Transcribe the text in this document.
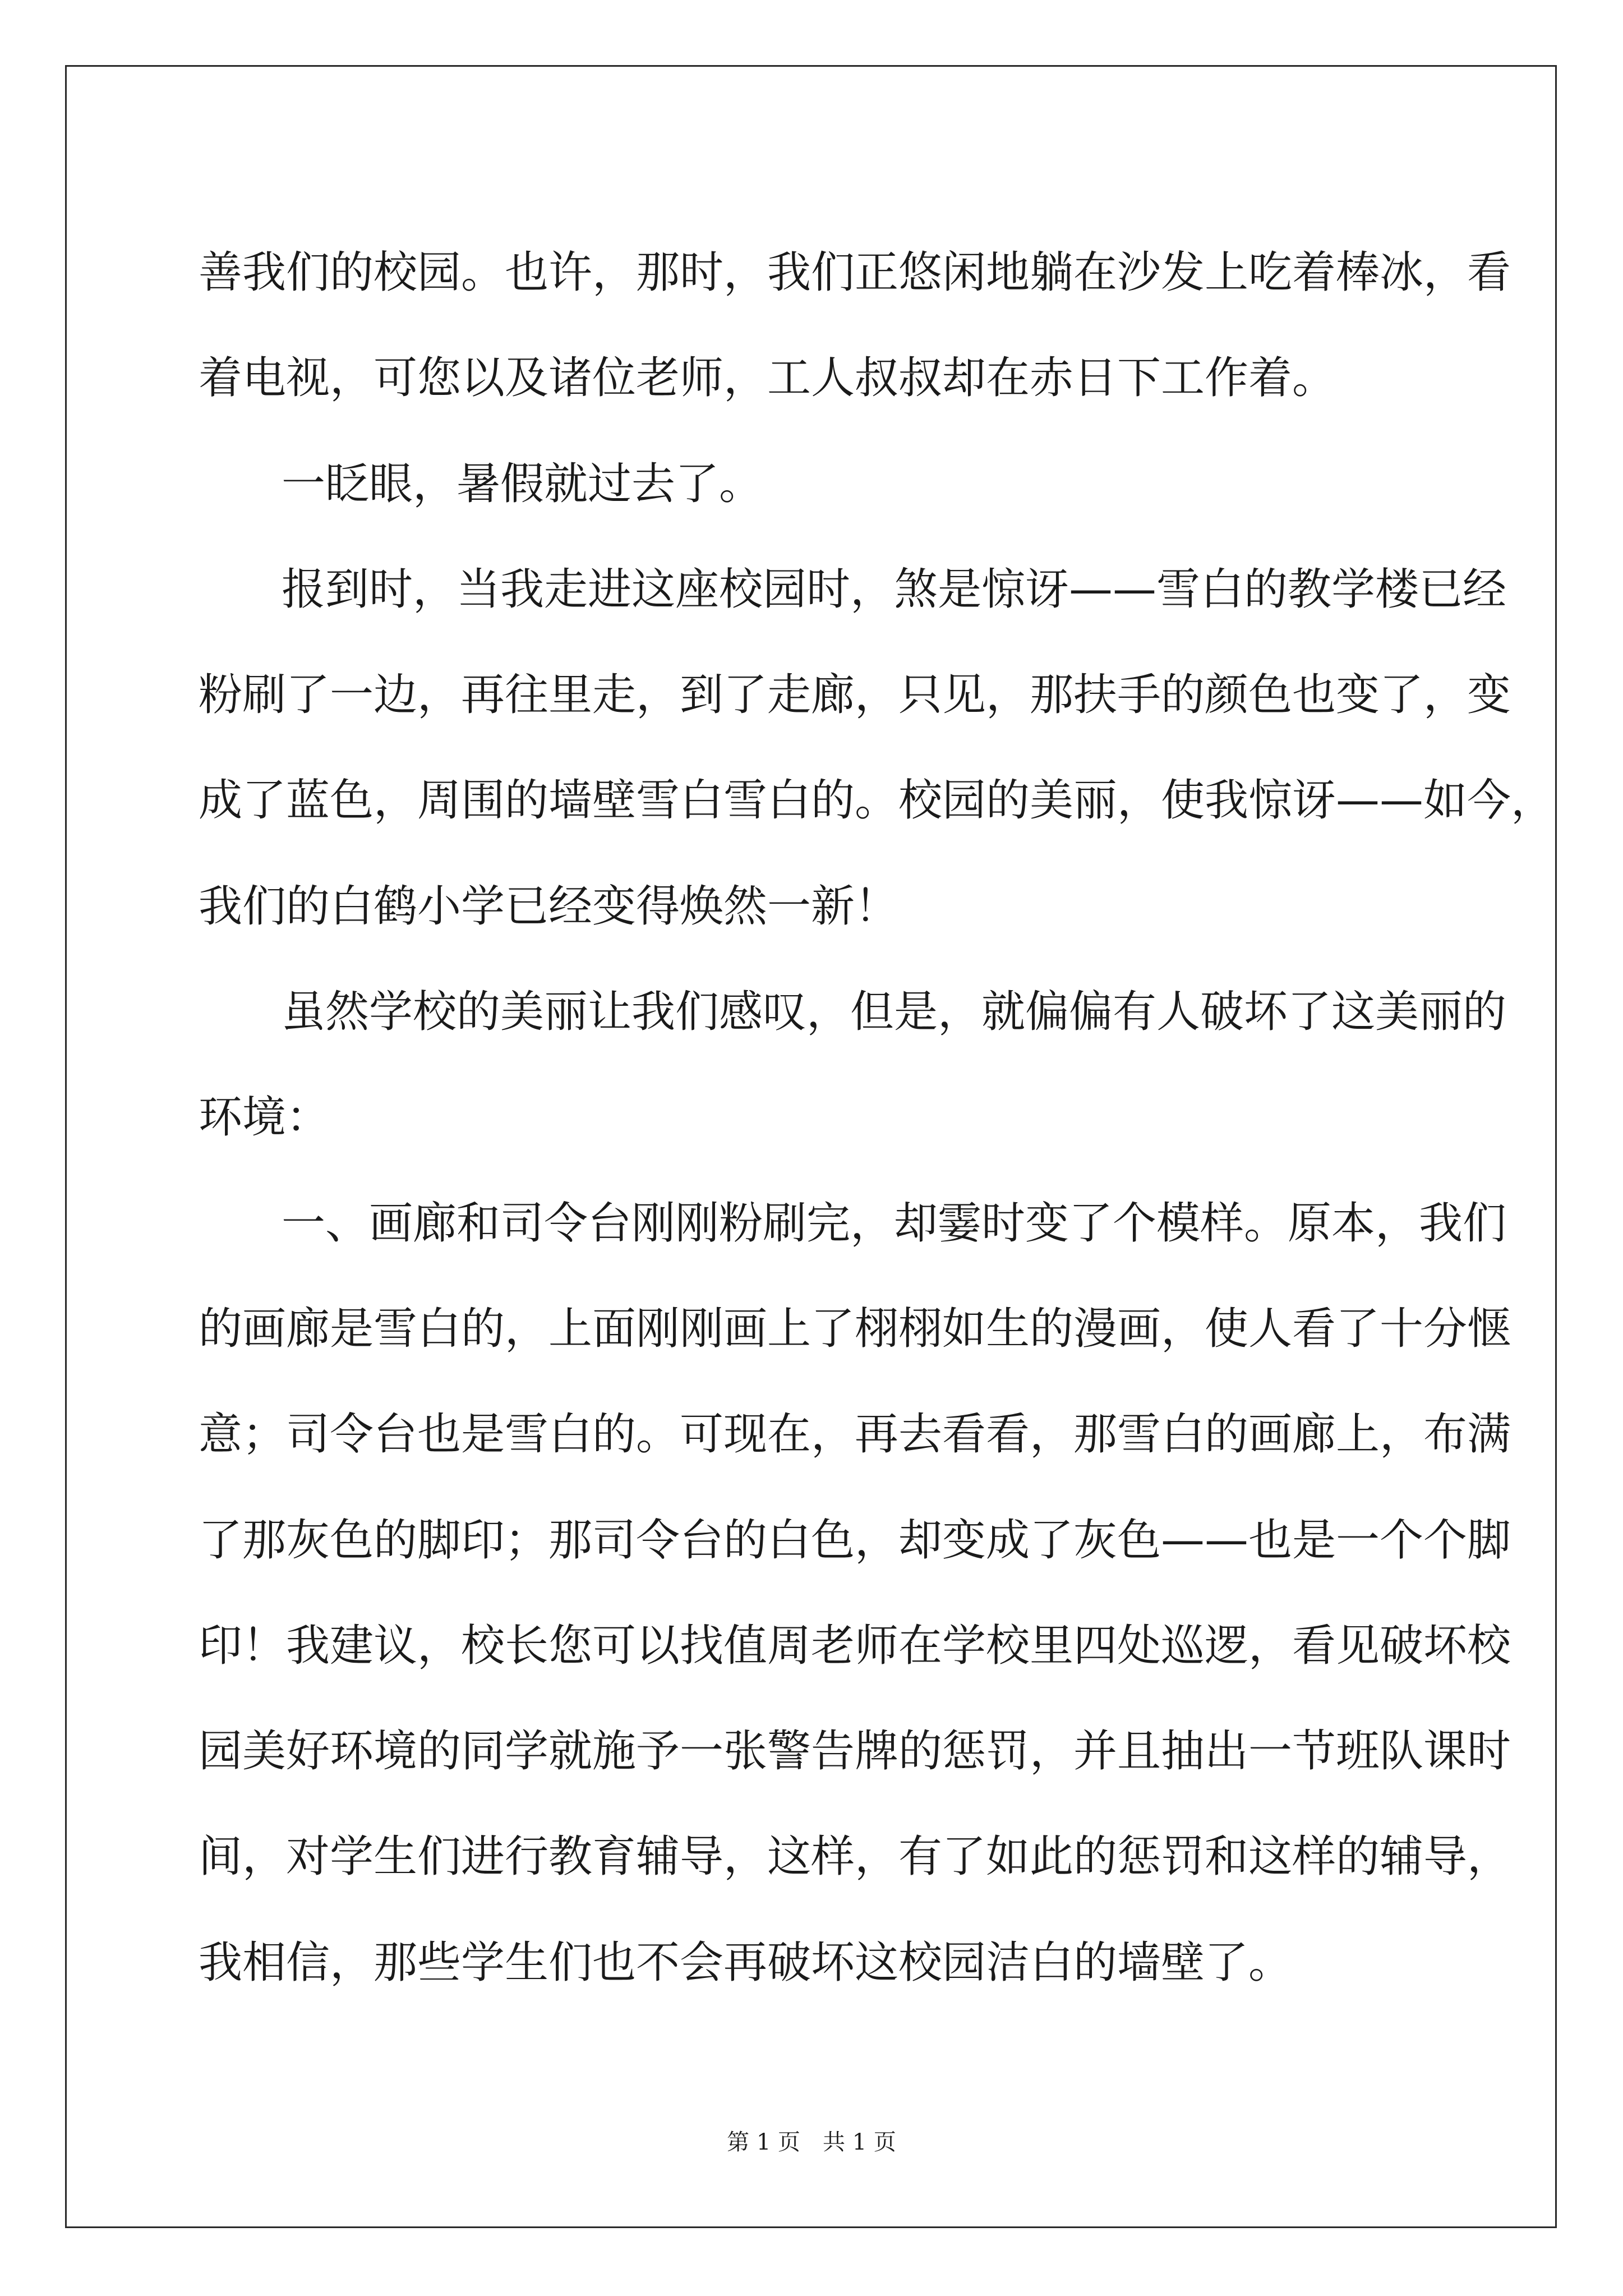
善我们的校园。也许，那时，我们正悠闲地躺在沙发上吃着棒冰，看
着电视，可您以及诸位老师，工人叔叔却在赤日下工作着。
一眨眼，暑假就过去了。
报到时，当我走进这座校园时，煞是惊讶——雪白的教学楼已经
粉刷了一边，再往里走，到了走廊，只见，那扶手的颜色也变了，变
成了蓝色，周围的墙壁雪白雪白的。校园的美丽，使我惊讶——如今，
我们的白鹤小学已经变得焕然一新！
虽然学校的美丽让我们感叹，但是，就偏偏有人破坏了这美丽的
环境：
一、画廊和司令台刚刚粉刷完，却霎时变了个模样。原本，我们
的画廊是雪白的，上面刚刚画上了栩栩如生的漫画，使人看了十分惬
意；司令台也是雪白的。可现在，再去看看，那雪白的画廊上，布满
了那灰色的脚印；那司令台的白色，却变成了灰色——也是一个个脚
印！我建议，校长您可以找值周老师在学校里四处巡逻，看见破坏校
园美好环境的同学就施予一张警告牌的惩罚，并且抽出一节班队课时
间，对学生们进行教育辅导，这样，有了如此的惩罚和这样的辅导，
我相信，那些学生们也不会再破坏这校园洁白的墙壁了。
第 1 页　共 1 页
